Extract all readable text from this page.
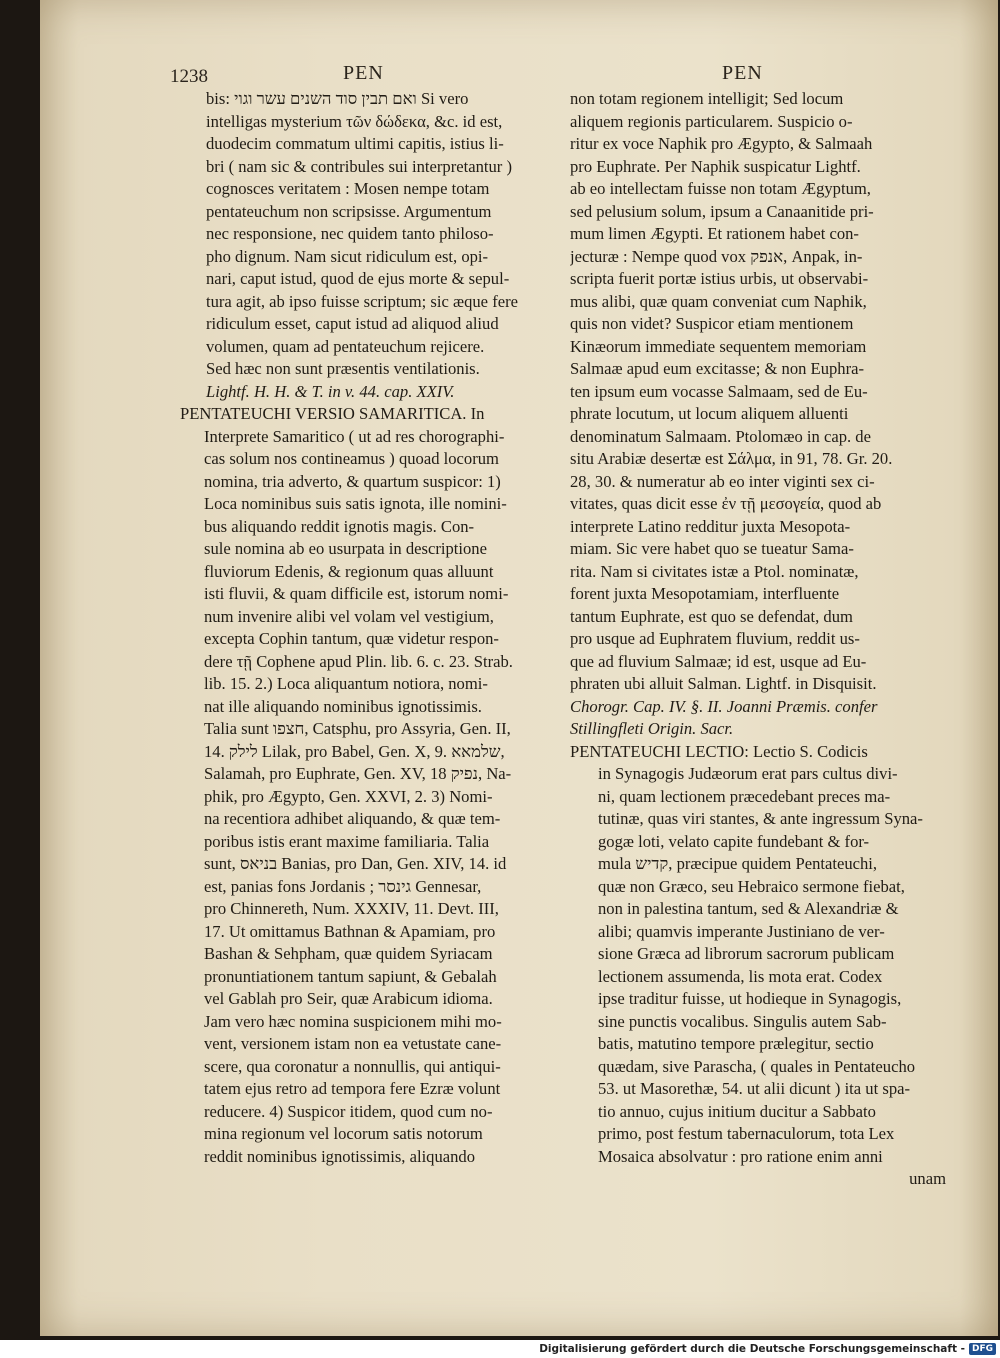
1238	PEN	PEN
bis: ואם תבין סוד השנים עשר וגוי Si vero
intelligas mysterium τῶν δώδεκα, &c. id est,
duodecim commatum ultimi capitis, istius li-
bri ( nam sic & contribules sui interpretantur )
cognosces veritatem : Mosen nempe totam
pentateuchum non scripsisse. Argumentum
nec responsione, nec quidem tanto philoso-
pho dignum. Nam sicut ridiculum est, opi-
nari, caput istud, quod de ejus morte & sepul-
tura agit, ab ipso fuisse scriptum; sic æque fere
ridiculum esset, caput istud ad aliquod aliud
volumen, quam ad pentateuchum rejicere.
Sed hæc non sunt præsentis ventilationis.
Lightf. H. H. & T. in v. 44. cap. XXIV.
PENTATEUCHI VERSIO SAMARITICA. In
Interprete Samaritico ( ut ad res chorographi-
cas solum nos contineamus ) quoad locorum
nomina, tria adverto, & quartum suspicor: 1)
Loca nominibus suis satis ignota, ille nomini-
bus aliquando reddit ignotis magis. Con-
sule nomina ab eo usurpata in descriptione
fluviorum Edenis, & regionum quas alluunt
isti fluvii, & quam difficile est, istorum nomi-
num invenire alibi vel volam vel vestigium,
excepta Cophin tantum, quæ videtur respon-
dere τῇ Cophene apud Plin. lib. 6. c. 23. Strab.
lib. 15. 2.) Loca aliquantum notiora, nomi-
nat ille aliquando nominibus ignotissimis.
Talia sunt חצפו, Catsphu, pro Assyria, Gen. II,
14. לילק Lilak, pro Babel, Gen. X, 9. שלמאא,
Salamah, pro Euphrate, Gen. XV, 18 נפיק, Na-
phik, pro Ægypto, Gen. XXVI, 2. 3) Nomi-
na recentiora adhibet aliquando, & quæ tem-
poribus istis erant maxime familiaria. Talia
sunt, בניאס Banias, pro Dan, Gen. XIV, 14. id
est, panias fons Jordanis ; גינסר Gennesar,
pro Chinnereth, Num. XXXIV, 11. Devt. III,
17. Ut omittamus Bathnan & Apamiam, pro
Bashan & Sehpham, quæ quidem Syriacam
pronuntiationem tantum sapiunt, & Gebalah
vel Gablah pro Seir, quæ Arabicum idioma.
Jam vero hæc nomina suspicionem mihi mo-
vent, versionem istam non ea vetustate cane-
scere, qua coronatur a nonnullis, qui antiqui-
tatem ejus retro ad tempora fere Ezræ volunt
reducere. 4) Suspicor itidem, quod cum no-
mina regionum vel locorum satis notorum
reddit nominibus ignotissimis, aliquando
non totam regionem intelligit; Sed locum
aliquem regionis particularem. Suspicio o-
ritur ex voce Naphik pro Ægypto, & Salmaah
pro Euphrate. Per Naphik suspicatur Lightf.
ab eo intellectam fuisse non totam Ægyptum,
sed pelusium solum, ipsum a Canaanitide pri-
mum limen Ægypti. Et rationem habet con-
jecturæ : Nempe quod vox אנפק, Anpak, in-
scripta fuerit portæ istius urbis, ut observabi-
mus alibi, quæ quam conveniat cum Naphik,
quis non videt? Suspicor etiam mentionem
Kinæorum immediate sequentem memoriam
Salmaæ apud eum excitasse; & non Euphra-
ten ipsum eum vocasse Salmaam, sed de Eu-
phrate locutum, ut locum aliquem alluenti
denominatum Salmaam. Ptolomæo in cap. de
situ Arabiæ desertæ est Σάλμα, in 91, 78. Gr. 20.
28, 30. & numeratur ab eo inter viginti sex ci-
vitates, quas dicit esse ἐν τῇ μεσογεία, quod ab
interprete Latino redditur juxta Mesopota-
miam. Sic vere habet quo se tueatur Sama-
rita. Nam si civitates istæ a Ptol. nominatæ,
forent juxta Mesopotamiam, interfluente
tantum Euphrate, est quo se defendat, dum
pro usque ad Euphratem fluvium, reddit us-
que ad fluvium Salmaæ; id est, usque ad Eu-
phraten ubi alluit Salman. Lightf. in Disquisit.
Chorogr. Cap. IV. §. II. Joanni Præmis. confer
Stillingfleti Origin. Sacr.
PENTATEUCHI LECTIO: Lectio S. Codicis
in Synagogis Judæorum erat pars cultus divi-
ni, quam lectionem præcedebant preces ma-
tutinæ, quas viri stantes, & ante ingressum Syna-
gogæ loti, velato capite fundebant & for-
mula קדיש, præcipue quidem Pentateuchi,
quæ non Græco, seu Hebraico sermone fiebat,
non in palestina tantum, sed & Alexandriæ &
alibi; quamvis imperante Justiniano de ver-
sione Græca ad librorum sacrorum publicam
lectionem assumenda, lis mota erat. Codex
ipse traditur fuisse, ut hodieque in Synagogis,
sine punctis vocalibus. Singulis autem Sab-
batis, matutino tempore prælegitur, sectio
quædam, sive Parascha, ( quales in Pentateucho
53. ut Masorethæ, 54. ut alii dicunt ) ita ut spa-
tio annuo, cujus initium ducitur a Sabbato
primo, post festum tabernaculorum, tota Lex
Mosaica absolvatur : pro ratione enim anni
unam
Digitalisierung gefördert durch die Deutsche Forschungsgemeinschaft - DFG
